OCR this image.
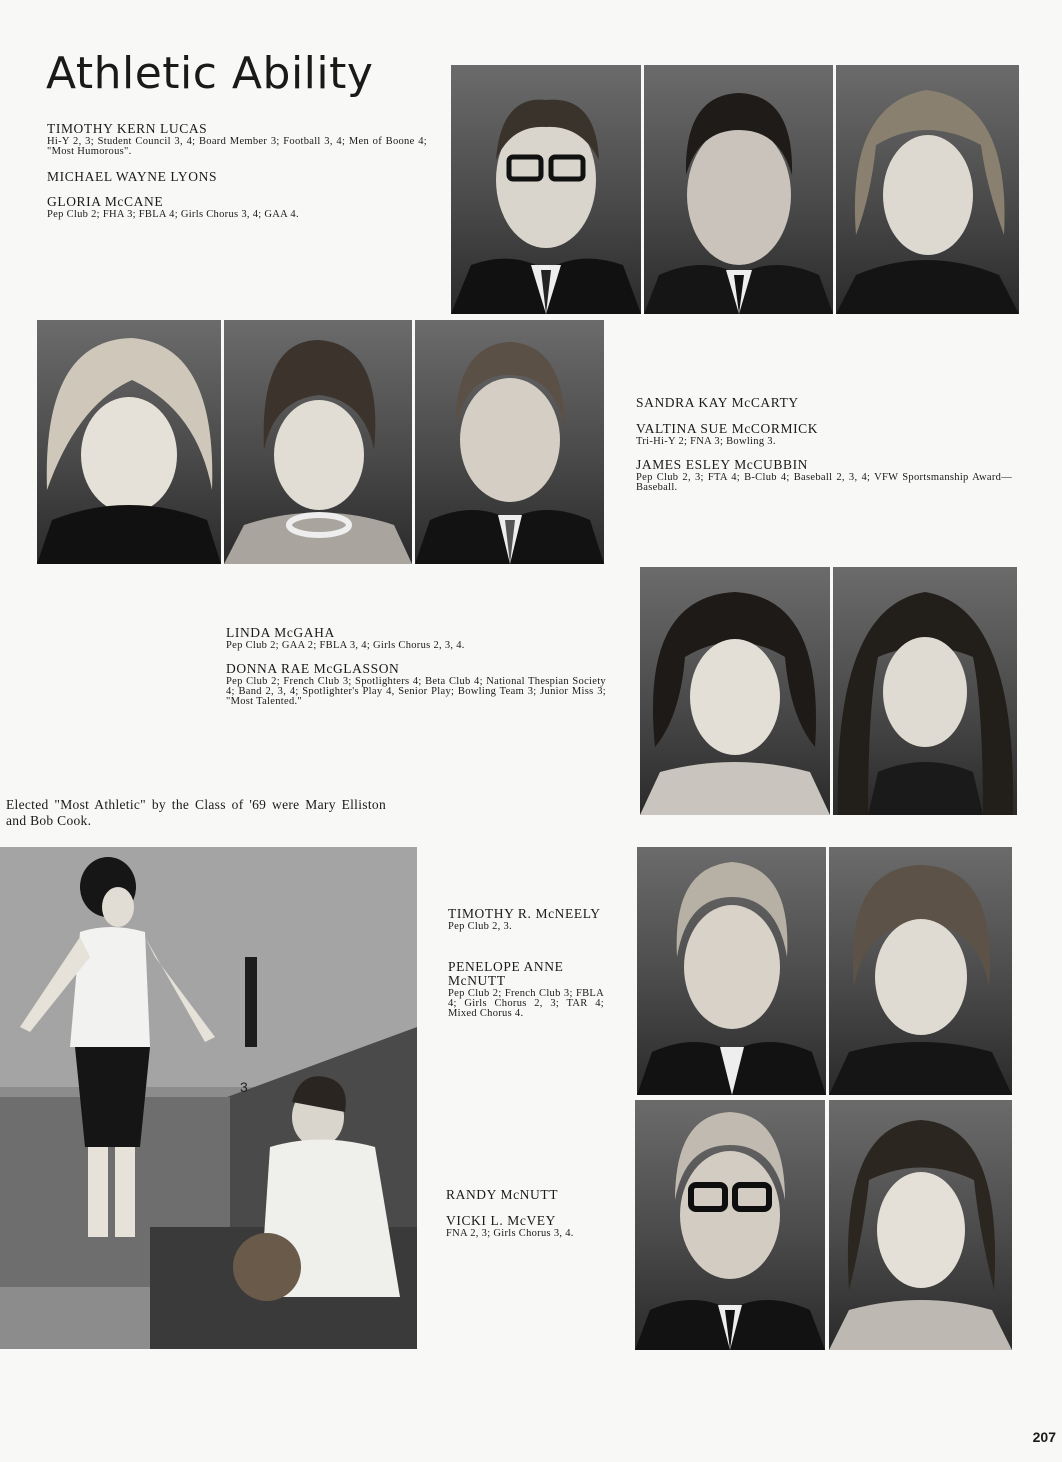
Athletic Ability
TIMOTHY KERN LUCAS
Hi-Y 2, 3; Student Council 3, 4; Board Member 3; Football 3, 4; Men of Boone 4; "Most Humorous".
MICHAEL WAYNE LYONS
GLORIA McCANE
Pep Club 2; FHA 3; FBLA 4; Girls Chorus 3, 4; GAA 4.
SANDRA KAY McCARTY
VALTINA SUE McCORMICK
Tri-Hi-Y 2; FNA 3; Bowling 3.
JAMES ESLEY McCUBBIN
Pep Club 2, 3; FTA 4; B-Club 4; Baseball 2, 3, 4; VFW Sportsmanship Award—Baseball.
LINDA McGAHA
Pep Club 2; GAA 2; FBLA 3, 4; Girls Chorus 2, 3, 4.
DONNA RAE McGLASSON
Pep Club 2; French Club 3; Spotlighters 4; Beta Club 4; National Thespian Society 4; Band 2, 3, 4; Spotlighter's Play 4, Senior Play; Bowling Team 3; Junior Miss 3; "Most Talented."
Elected "Most Athletic" by the Class of '69 were Mary Elliston and Bob Cook.
3
TIMOTHY R. McNEELY
Pep Club 2, 3.
PENELOPE ANNE McNUTT
Pep Club 2; French Club 3; FBLA 4; Girls Chorus 2, 3; TAR 4; Mixed Chorus 4.
RANDY McNUTT
VICKI L. McVEY
FNA 2, 3; Girls Chorus 3, 4.
207
